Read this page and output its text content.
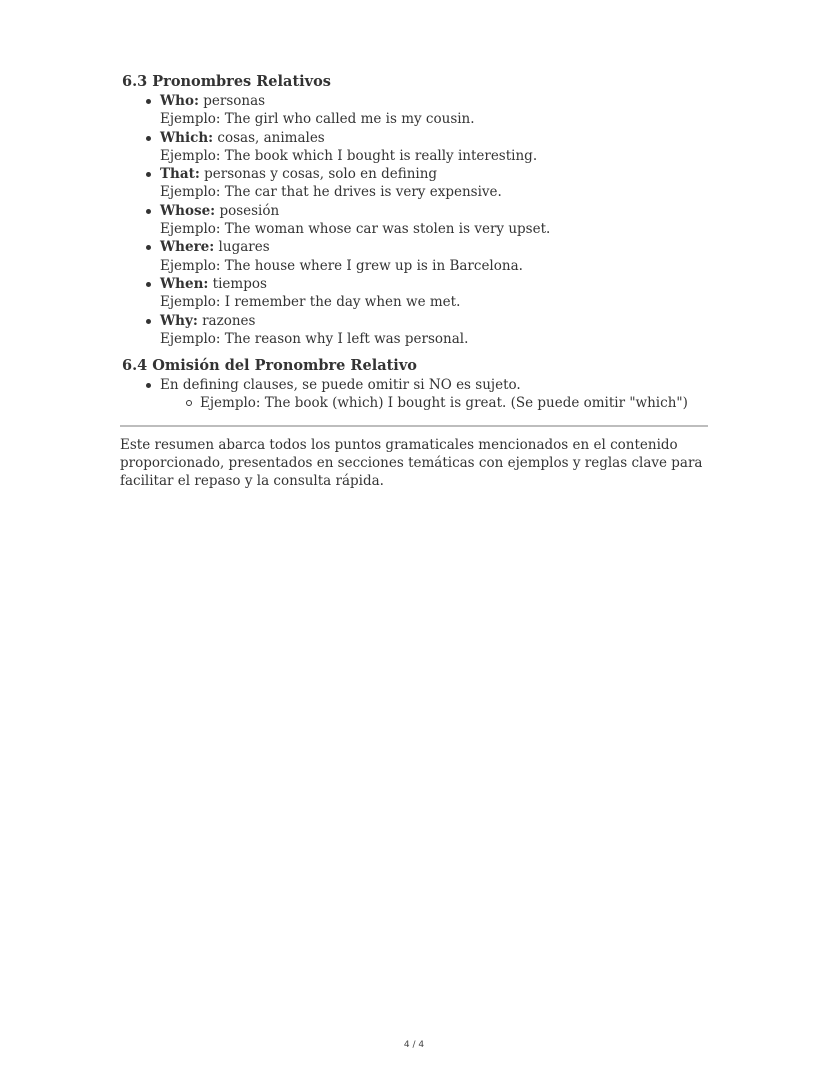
6.3 Pronombres Relativos
Who: personas
Ejemplo: The girl who called me is my cousin.
Which: cosas, animales
Ejemplo: The book which I bought is really interesting.
That: personas y cosas, solo en defining
Ejemplo: The car that he drives is very expensive.
Whose: posesión
Ejemplo: The woman whose car was stolen is very upset.
Where: lugares
Ejemplo: The house where I grew up is in Barcelona.
When: tiempos
Ejemplo: I remember the day when we met.
Why: razones
Ejemplo: The reason why I left was personal.
6.4 Omisión del Pronombre Relativo
En defining clauses, se puede omitir si NO es sujeto.
Ejemplo: The book (which) I bought is great. (Se puede omitir "which")

Este resumen abarca todos los puntos gramaticales mencionados en el contenido proporcionado, presentados en secciones temáticas con ejemplos y reglas clave para facilitar el repaso y la consulta rápida.

4 / 4
